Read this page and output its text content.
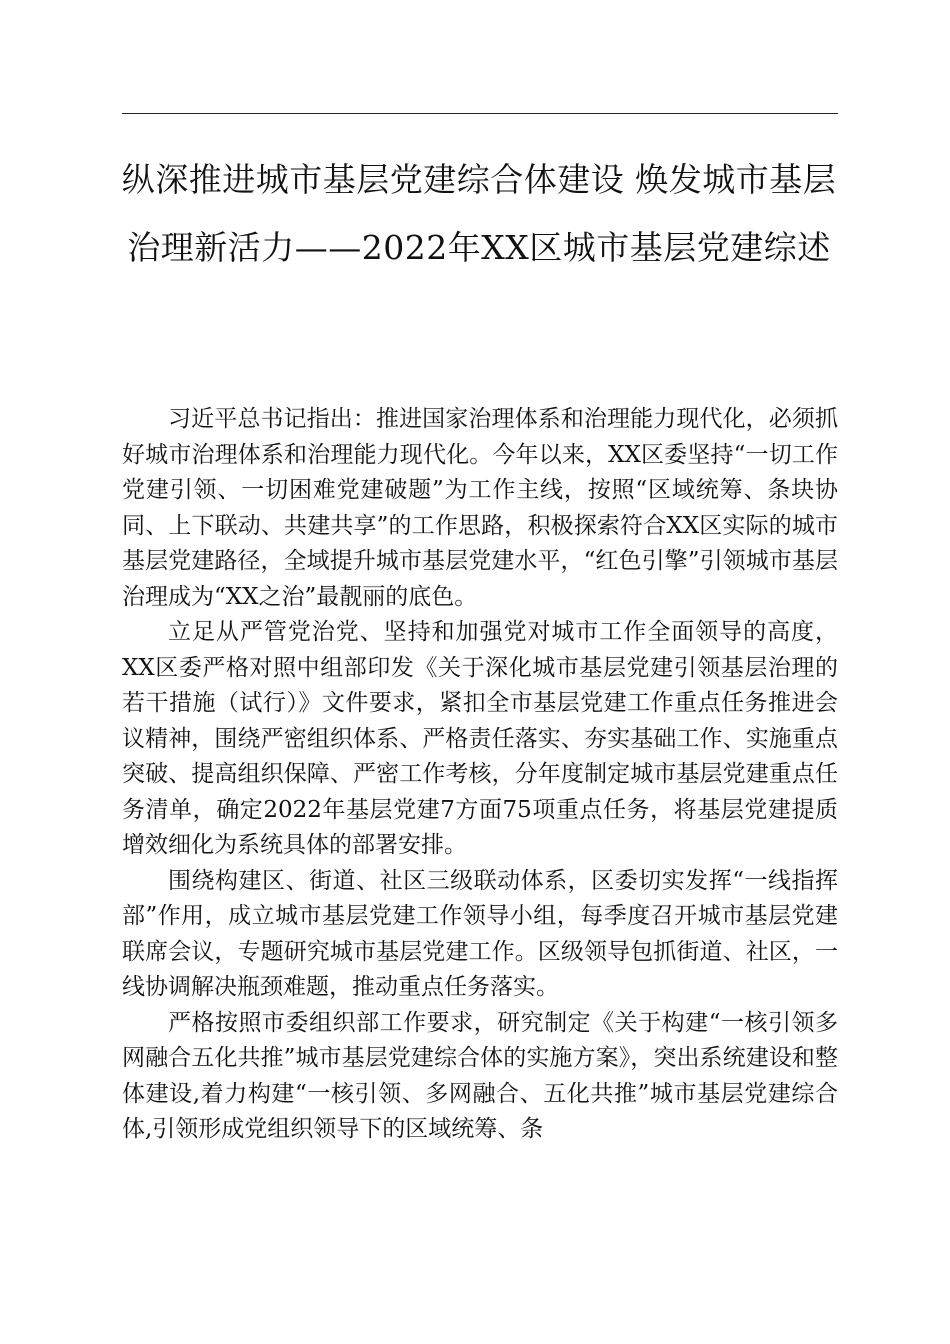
纵深推进城市基层党建综合体建设 焕发城市基层治理新活力——2022年XX区城市基层党建综述

习近平总书记指出：推进国家治理体系和治理能力现代化，必须抓好城市治理体系和治理能力现代化。今年以来，XX区委坚持“一切工作党建引领、一切困难党建破题”为工作主线，按照“区域统筹、条块协同、上下联动、共建共享”的工作思路，积极探索符合XX区实际的城市基层党建路径，全域提升城市基层党建水平，“红色引擎”引领城市基层治理成为“XX之治”最靓丽的底色。

立足从严管党治党、坚持和加强党对城市工作全面领导的高度，XX区委严格对照中组部印发《关于深化城市基层党建引领基层治理的若干措施（试行）》文件要求，紧扣全市基层党建工作重点任务推进会议精神，围绕严密组织体系、严格责任落实、夯实基础工作、实施重点突破、提高组织保障、严密工作考核，分年度制定城市基层党建重点任务清单，确定2022年基层党建7方面75项重点任务，将基层党建提质增效细化为系统具体的部署安排。

围绕构建区、街道、社区三级联动体系，区委切实发挥“一线指挥部”作用，成立城市基层党建工作领导小组，每季度召开城市基层党建联席会议，专题研究城市基层党建工作。区级领导包抓街道、社区，一线协调解决瓶颈难题，推动重点任务落实。

严格按照市委组织部工作要求，研究制定《关于构建“一核引领多网融合五化共推”城市基层党建综合体的实施方案》，突出系统建设和整体建设,着力构建“一核引领、多网融合、五化共推”城市基层党建综合体,引领形成党组织领导下的区域统筹、条
